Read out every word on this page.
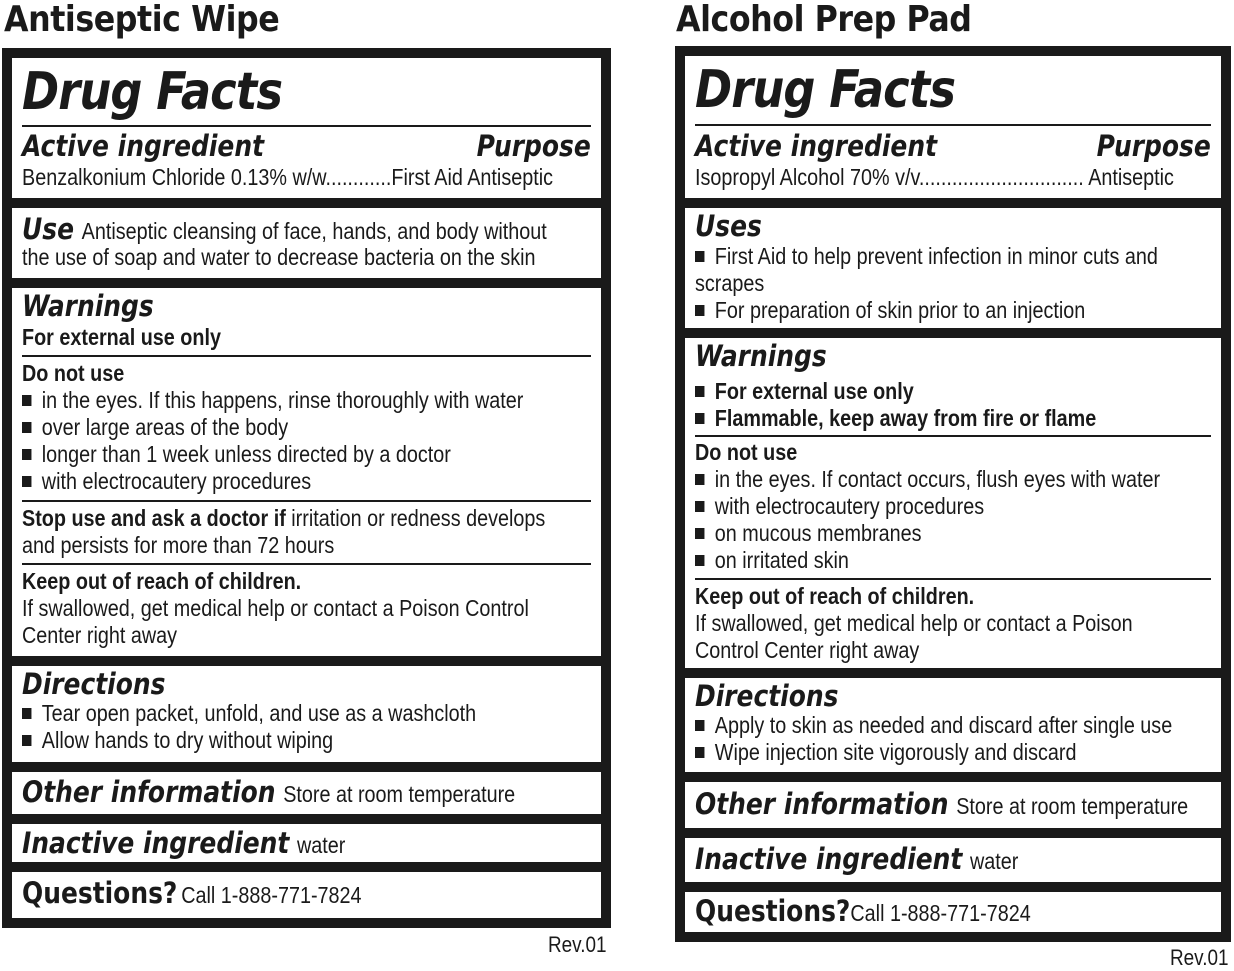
Antiseptic Wipe
Drug Facts
Active ingredient	Purpose
Benzalkonium Chloride 0.13% w/w............First Aid Antiseptic
Use Antiseptic cleansing of face, hands, and body without
the use of soap and water to decrease bacteria on the skin
Warnings
For external use only
Do not use
in the eyes. If this happens, rinse thoroughly with water
over large areas of the body
longer than 1 week unless directed by a doctor
with electrocautery procedures
Stop use and ask a doctor if irritation or redness develops
and persists for more than 72 hours
Keep out of reach of children.
If swallowed, get medical help or contact a Poison Control
Center right away
Directions
Tear open packet, unfold, and use as a washcloth
Allow hands to dry without wiping
Other information Store at room temperature
Inactive ingredient water
Questions? Call 1-888-771-7824
Rev.01
Alcohol Prep Pad
Drug Facts
Active ingredient	Purpose
Isopropyl Alcohol 70% v/v.............................. Antiseptic
Uses
First Aid to help prevent infection in minor cuts and
scrapes
For preparation of skin prior to an injection
Warnings
For external use only
Flammable, keep away from fire or flame
Do not use
in the eyes. If contact occurs, flush eyes with water
with electrocautery procedures
on mucous membranes
on irritated skin
Keep out of reach of children.
If swallowed, get medical help or contact a Poison
Control Center right away
Directions
Apply to skin as needed and discard after single use
Wipe injection site vigorously and discard
Other information Store at room temperature
Inactive ingredient water
Questions?Call 1-888-771-7824
Rev.01
